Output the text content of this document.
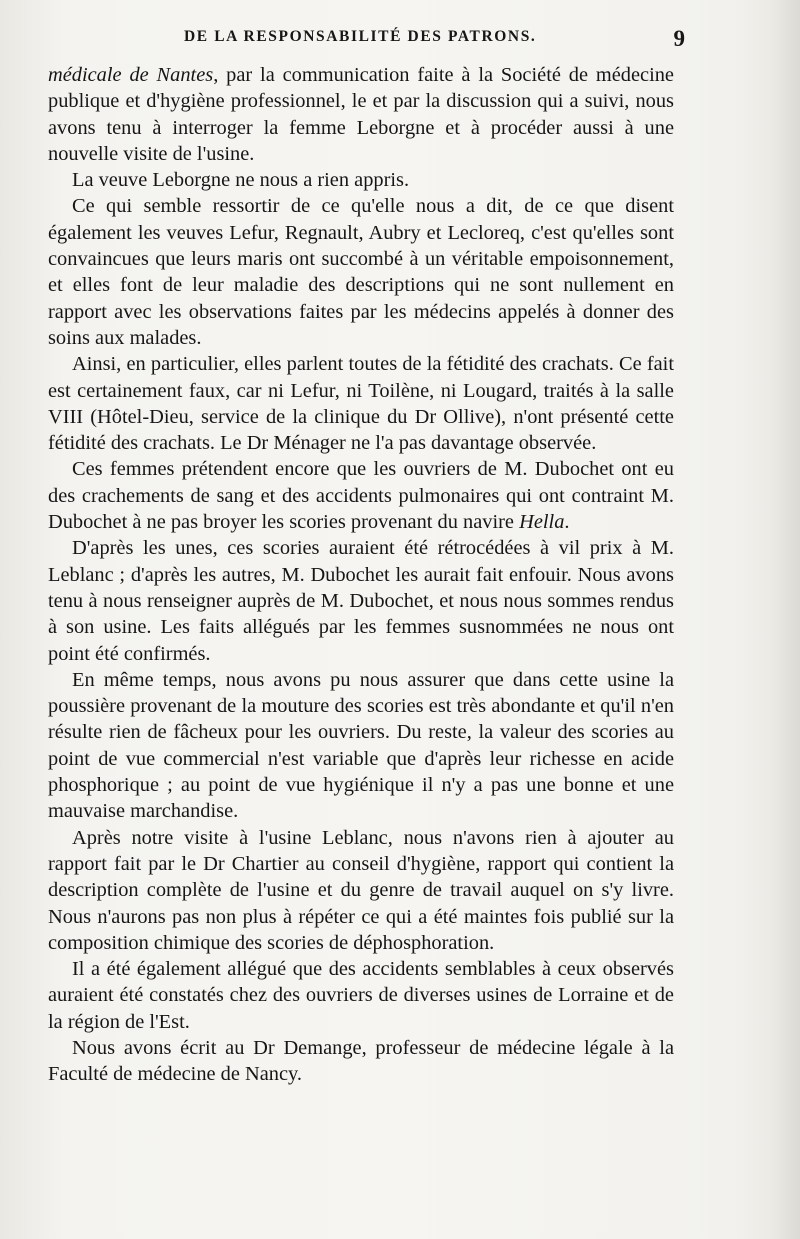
DE LA RESPONSABILITÉ DES PATRONS.	9

médicale de Nantes, par la communication faite à la Société de médecine publique et d'hygiène professionnel, le et par la discussion qui a suivi, nous avons tenu à interroger la femme Leborgne et à procéder aussi à une nouvelle visite de l'usine.

La veuve Leborgne ne nous a rien appris.

Ce qui semble ressortir de ce qu'elle nous a dit, de ce que disent également les veuves Lefur, Regnault, Aubry et Lecloreq, c'est qu'elles sont convaincues que leurs maris ont succombé à un véritable empoisonnement, et elles font de leur maladie des descriptions qui ne sont nullement en rapport avec les observations faites par les médecins appelés à donner des soins aux malades.

Ainsi, en particulier, elles parlent toutes de la fétidité des crachats. Ce fait est certainement faux, car ni Lefur, ni Toilène, ni Lougard, traités à la salle VIII (Hôtel-Dieu, service de la clinique du Dr Ollive), n'ont présenté cette fétidité des crachats. Le Dr Ménager ne l'a pas davantage observée.

Ces femmes prétendent encore que les ouvriers de M. Dubochet ont eu des crachements de sang et des accidents pulmonaires qui ont contraint M. Dubochet à ne pas broyer les scories provenant du navire Hella.

D'après les unes, ces scories auraient été rétrocédées à vil prix à M. Leblanc ; d'après les autres, M. Dubochet les aurait fait enfouir. Nous avons tenu à nous renseigner auprès de M. Dubochet, et nous nous sommes rendus à son usine. Les faits allégués par les femmes susnommées ne nous ont point été confirmés.

En même temps, nous avons pu nous assurer que dans cette usine la poussière provenant de la mouture des scories est très abondante et qu'il n'en résulte rien de fâcheux pour les ouvriers. Du reste, la valeur des scories au point de vue commercial n'est variable que d'après leur richesse en acide phosphorique ; au point de vue hygiénique il n'y a pas une bonne et une mauvaise marchandise.

Après notre visite à l'usine Leblanc, nous n'avons rien à ajouter au rapport fait par le Dr Chartier au conseil d'hygiène, rapport qui contient la description complète de l'usine et du genre de travail auquel on s'y livre. Nous n'aurons pas non plus à répéter ce qui a été maintes fois publié sur la composition chimique des scories de déphosphoration.

Il a été également allégué que des accidents semblables à ceux observés auraient été constatés chez des ouvriers de diverses usines de Lorraine et de la région de l'Est.

Nous avons écrit au Dr Demange, professeur de médecine légale à la Faculté de médecine de Nancy.
